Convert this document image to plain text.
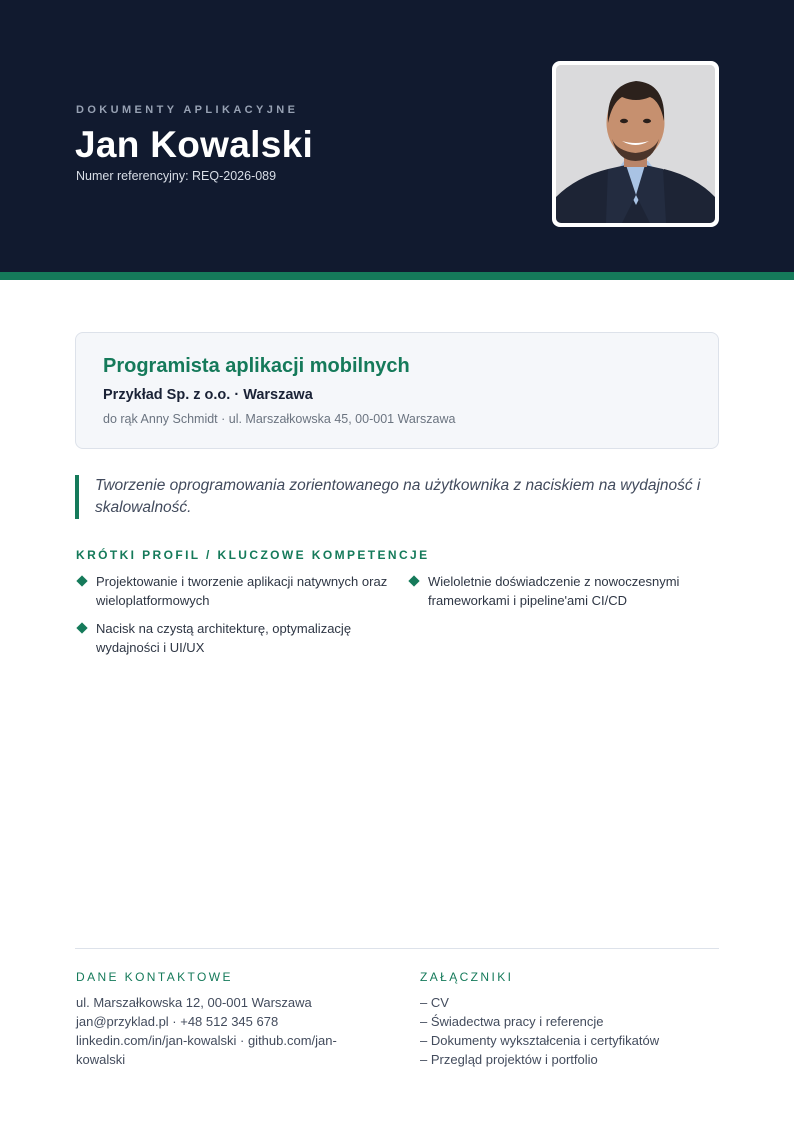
DOKUMENTY APLIKACYJNE
Jan Kowalski
Numer referencyjny: REQ-2026-089
Programista aplikacji mobilnych
Przykład Sp. z o.o. · Warszawa
do rąk Anny Schmidt · ul. Marszałkowska 45, 00-001 Warszawa
Tworzenie oprogramowania zorientowanego na użytkownika z naciskiem na wydajność i skalowalność.
KRÓTKI PROFIL / KLUCZOWE KOMPETENCJE
Projektowanie i tworzenie aplikacji natywnych oraz wieloplatformowych
Wieloletnie doświadczenie z nowoczesnymi frameworkami i pipeline'ami CI/CD
Nacisk na czystą architekturę, optymalizację wydajności i UI/UX
DANE KONTAKTOWE
ul. Marszałkowska 12, 00-001 Warszawa
jan@przyklad.pl · +48 512 345 678
linkedin.com/in/jan-kowalski · github.com/jan-kowalski
ZAŁĄCZNIKI
– CV
– Świadectwa pracy i referencje
– Dokumenty wykształcenia i certyfikatów
– Przegląd projektów i portfolio
